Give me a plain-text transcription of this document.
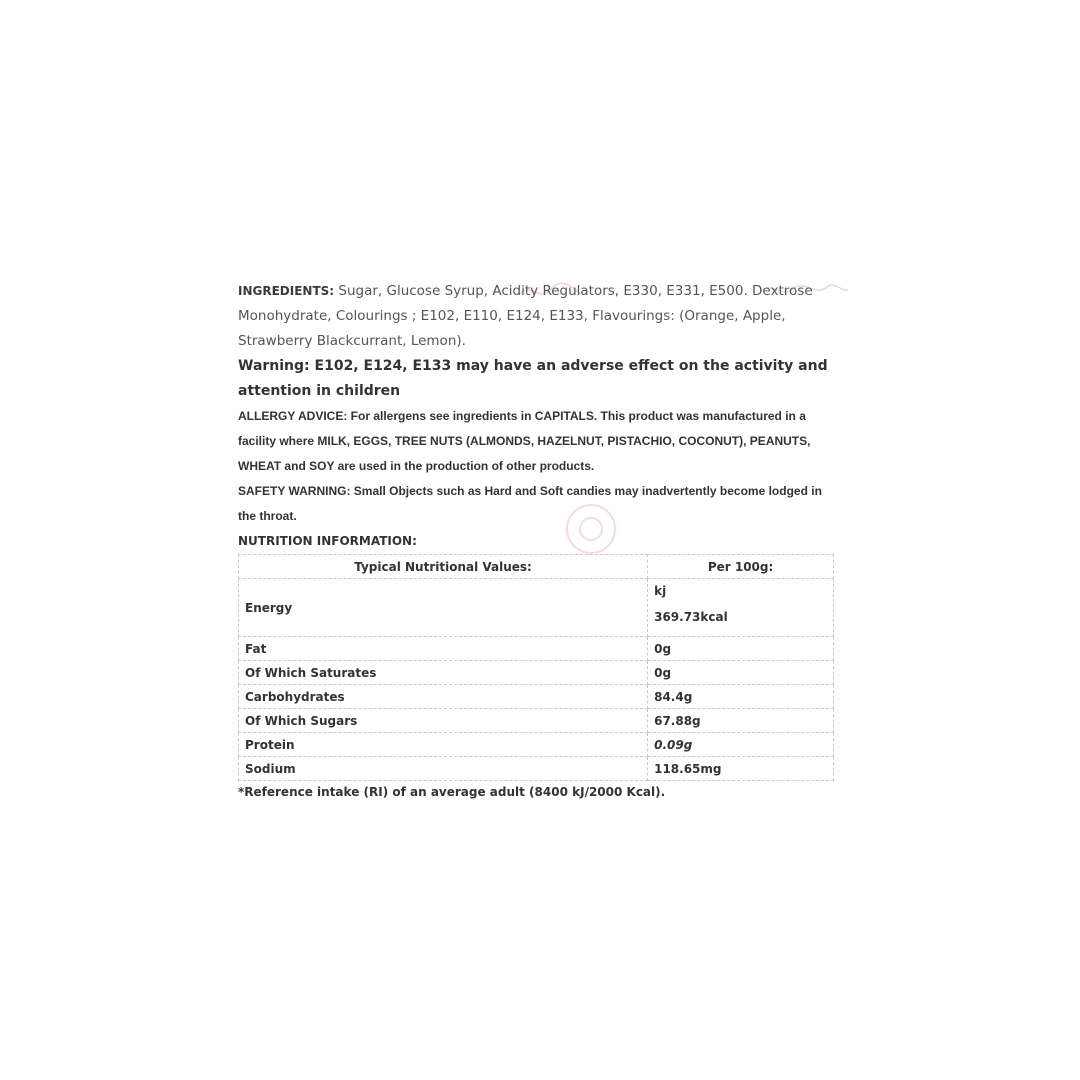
INGREDIENTS: Sugar, Glucose Syrup, Acidity Regulators, E330, E331, E500. Dextrose Monohydrate, Colourings ; E102, E110, E124, E133, Flavourings: (Orange, Apple, Strawberry Blackcurrant, Lemon).

Warning: E102, E124, E133 may have an adverse effect on the activity and attention in children

ALLERGY ADVICE: For allergens see ingredients in CAPITALS. This product was manufactured in a facility where MILK, EGGS, TREE NUTS (ALMONDS, HAZELNUT, PISTACHIO, COCONUT), PEANUTS, WHEAT and SOY are used in the production of other products.

SAFETY WARNING: Small Objects such as Hard and Soft candies may inadvertently become lodged in the throat.

NUTRITION INFORMATION:

Typical Nutritional Values:	Per 100g:
Energy	kj
369.73kcal
Fat	0g
Of Which Saturates	0g
Carbohydrates	84.4g
Of Which Sugars	67.88g
Protein	0.09g
Sodium	118.65mg
*Reference intake (RI) of an average adult (8400 kJ/2000 Kcal).
